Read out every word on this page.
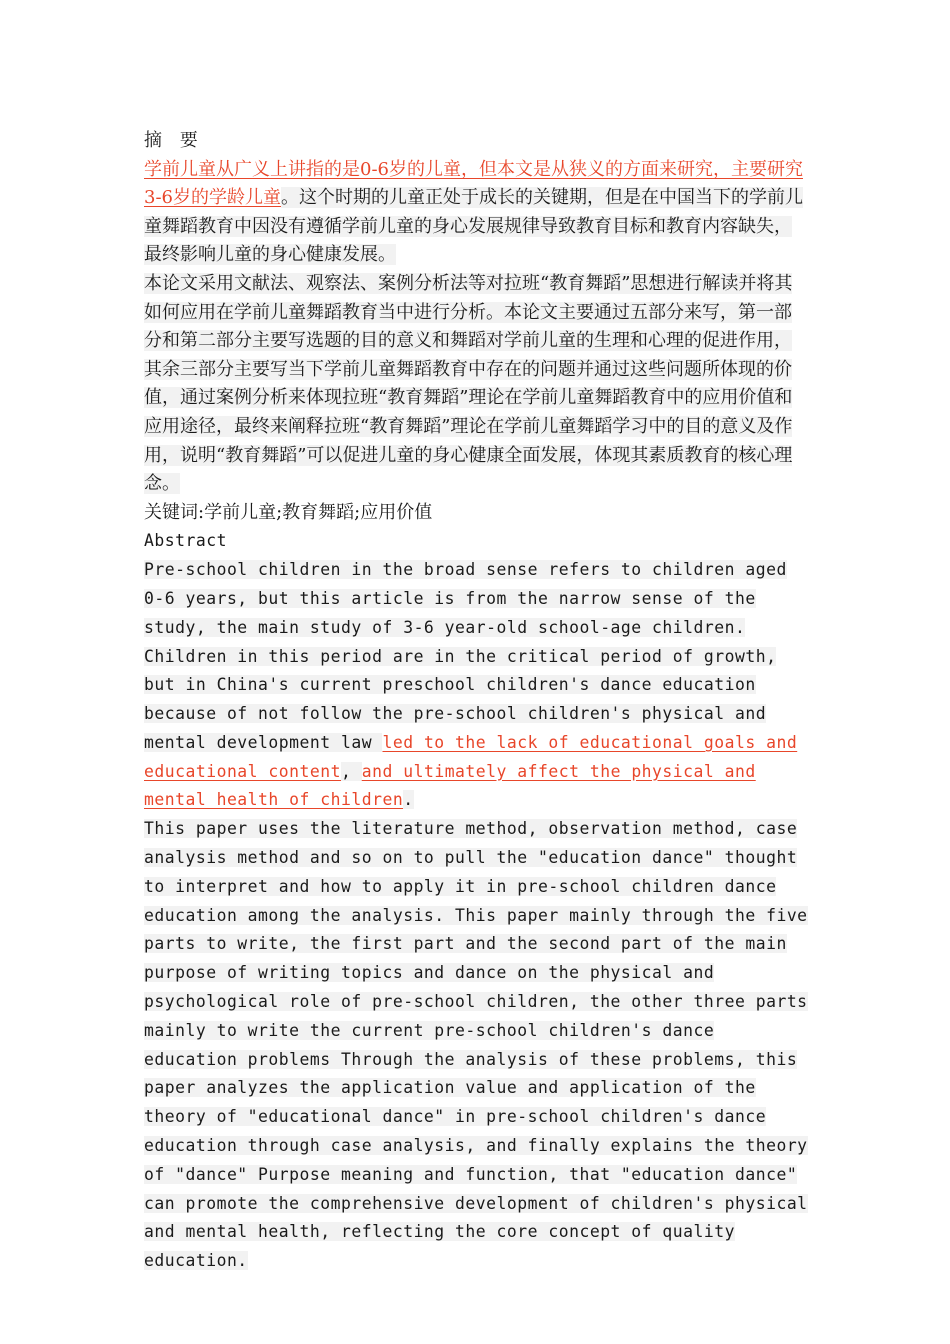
摘 要

学前儿童从广义上讲指的是0-6岁的儿童，但本文是从狭义的方面来研究，主要研究3-6岁的学龄儿童。这个时期的儿童正处于成长的关键期，但是在中国当下的学前儿童舞蹈教育中因没有遵循学前儿童的身心发展规律导致教育目标和教育内容缺失，最终影响儿童的身心健康发展。

本论文采用文献法、观察法、案例分析法等对拉班“教育舞蹈”思想进行解读并将其如何应用在学前儿童舞蹈教育当中进行分析。本论文主要通过五部分来写，第一部分和第二部分主要写选题的目的意义和舞蹈对学前儿童的生理和心理的促进作用，其余三部分主要写当下学前儿童舞蹈教育中存在的问题并通过这些问题所体现的价值，通过案例分析来体现拉班“教育舞蹈”理论在学前儿童舞蹈教育中的应用价值和应用途径，最终来阐释拉班“教育舞蹈”理论在学前儿童舞蹈学习中的目的意义及作用，说明“教育舞蹈”可以促进儿童的身心健康全面发展，体现其素质教育的核心理念。

关键词:学前儿童;教育舞蹈;应用价值
Abstract

Pre-school children in the broad sense refers to children aged 0-6 years, but this article is from the narrow sense of the study, the main study of 3-6 year-old school-age children. Children in this period are in the critical period of growth, but in China's current preschool children's dance education because of not follow the pre-school children's physical and mental development law led to the lack of educational goals and educational content, and ultimately affect the physical and mental health of children.

This paper uses the literature method, observation method, case analysis method and so on to pull the "education dance" thought to interpret and how to apply it in pre-school children dance education among the analysis. This paper mainly through the five parts to write, the first part and the second part of the main purpose of writing topics and dance on the physical and psychological role of pre-school children, the other three parts mainly to write the current pre-school children's dance education problems Through the analysis of these problems, this paper analyzes the application value and application of the theory of "educational dance" in pre-school children's dance education through case analysis, and finally explains the theory of "dance" Purpose meaning and function, that "education dance" can promote the comprehensive development of children's physical and mental health, reflecting the core concept of quality education.
